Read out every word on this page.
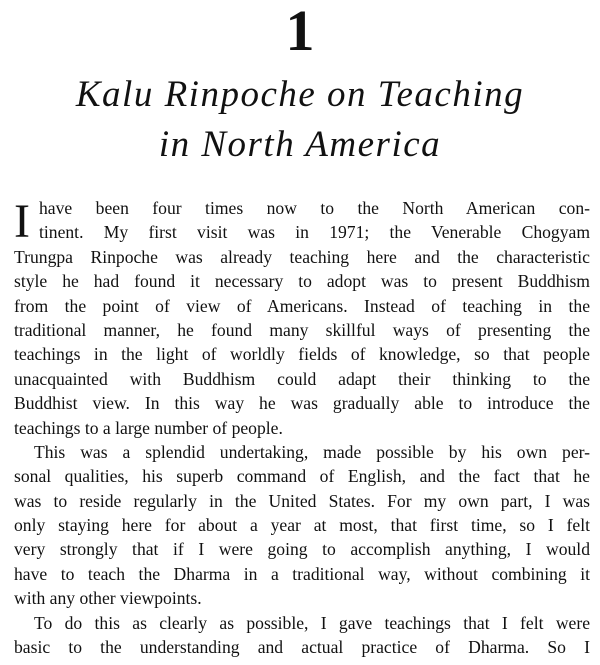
1
Kalu Rinpoche on Teaching
in North America
I have been four times now to the North American con-
tinent. My first visit was in 1971; the Venerable Chogyam
Trungpa Rinpoche was already teaching here and the characteristic
style he had found it necessary to adopt was to present Buddhism
from the point of view of Americans. Instead of teaching in the
traditional manner, he found many skillful ways of presenting the
teachings in the light of worldly fields of knowledge, so that people
unacquainted with Buddhism could adapt their thinking to the
Buddhist view. In this way he was gradually able to introduce the
teachings to a large number of people.
This was a splendid undertaking, made possible by his own per-
sonal qualities, his superb command of English, and the fact that he
was to reside regularly in the United States. For my own part, I was
only staying here for about a year at most, that first time, so I felt
very strongly that if I were going to accomplish anything, I would
have to teach the Dharma in a traditional way, without combining it
with any other viewpoints.
To do this as clearly as possible, I gave teachings that I felt were
basic to the understanding and actual practice of Dharma. So I
